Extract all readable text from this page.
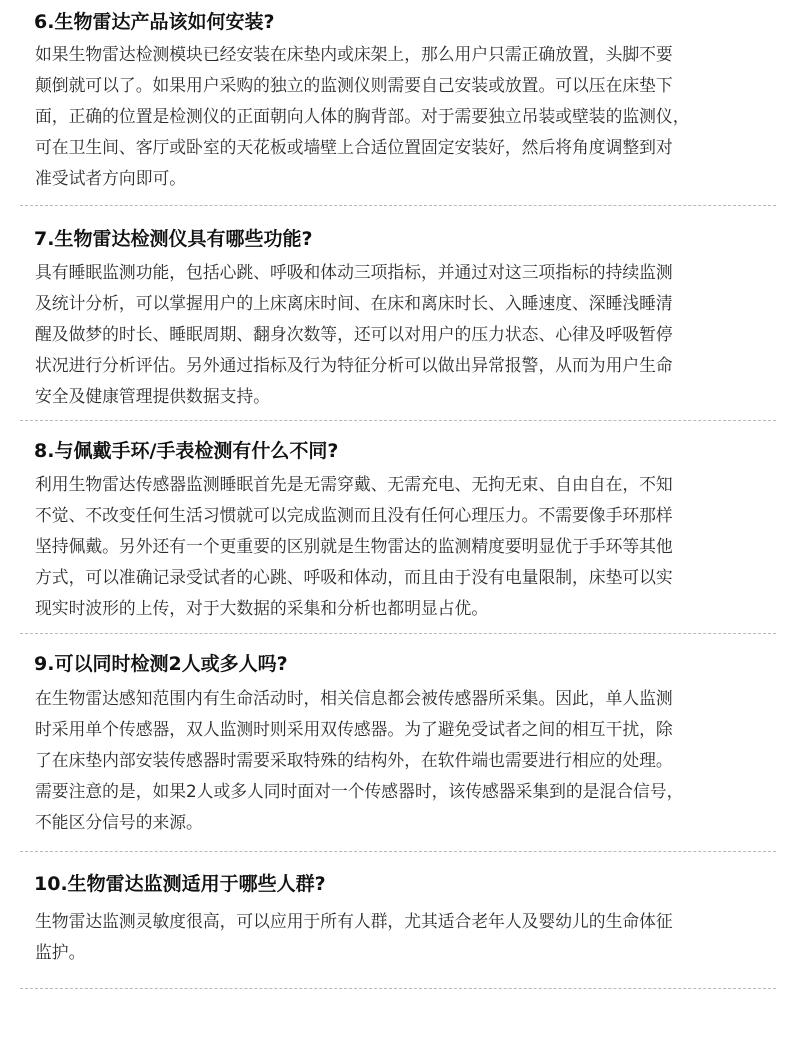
6.生物雷达产品该如何安装?

如果生物雷达检测模块已经安装在床垫内或床架上，那么用户只需正确放置，头脚不要

颠倒就可以了。如果用户采购的独立的监测仪则需要自己安装或放置。可以压在床垫下

面，正确的位置是检测仪的正面朝向人体的胸背部。对于需要独立吊装或壁装的监测仪，

可在卫生间、客厅或卧室的天花板或墙壁上合适位置固定安装好，然后将角度调整到对

准受试者方向即可。

7.生物雷达检测仪具有哪些功能?

具有睡眠监测功能，包括心跳、呼吸和体动三项指标，并通过对这三项指标的持续监测

及统计分析，可以掌握用户的上床离床时间、在床和离床时长、入睡速度、深睡浅睡清

醒及做梦的时长、睡眠周期、翻身次数等，还可以对用户的压力状态、心律及呼吸暂停

状况进行分析评估。另外通过指标及行为特征分析可以做出异常报警，从而为用户生命

安全及健康管理提供数据支持。

8.与佩戴手环/手表检测有什么不同?

利用生物雷达传感器监测睡眠首先是无需穿戴、无需充电、无拘无束、自由自在，不知

不觉、不改变任何生活习惯就可以完成监测而且没有任何心理压力。不需要像手环那样

坚持佩戴。另外还有一个更重要的区别就是生物雷达的监测精度要明显优于手环等其他

方式，可以准确记录受试者的心跳、呼吸和体动，而且由于没有电量限制，床垫可以实

现实时波形的上传，对于大数据的采集和分析也都明显占优。

9.可以同时检测2人或多人吗?

在生物雷达感知范围内有生命活动时，相关信息都会被传感器所采集。因此，单人监测

时采用单个传感器，双人监测时则采用双传感器。为了避免受试者之间的相互干扰，除

了在床垫内部安装传感器时需要采取特殊的结构外，在软件端也需要进行相应的处理。

需要注意的是，如果2人或多人同时面对一个传感器时，该传感器采集到的是混合信号，

不能区分信号的来源。

10.生物雷达监测适用于哪些人群?

生物雷达监测灵敏度很高，可以应用于所有人群，尤其适合老年人及婴幼儿的生命体征

监护。
